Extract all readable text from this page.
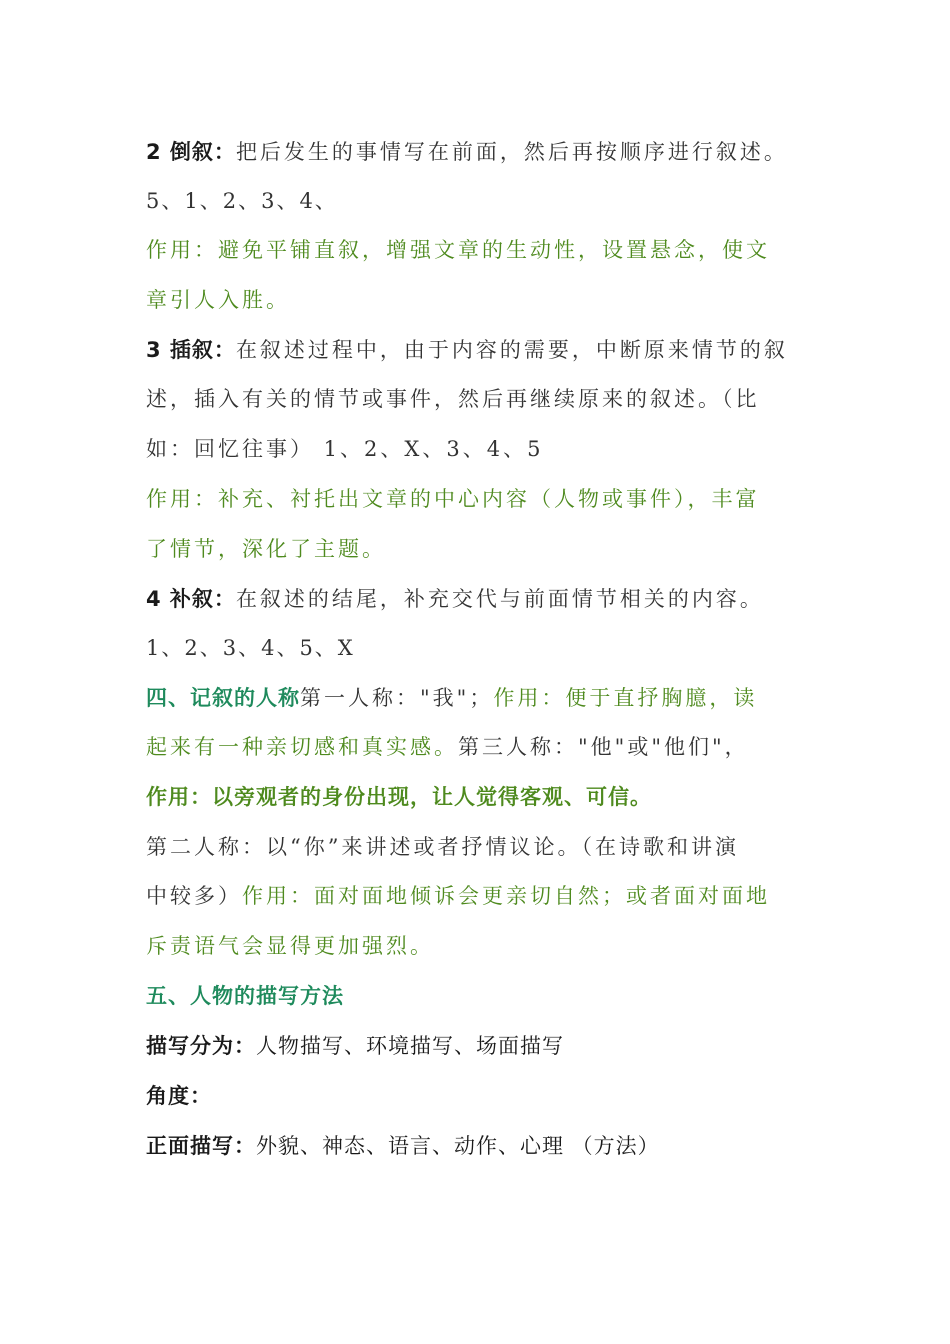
2 倒叙：把后发生的事情写在前面，然后再按顺序进行叙述。
5、1、2、3、4、
作用：避免平铺直叙，增强文章的生动性，设置悬念，使文
章引人入胜。
3 插叙：在叙述过程中，由于内容的需要，中断原来情节的叙
述，插入有关的情节或事件，然后再继续原来的叙述。（比
如：回忆往事） 1、2、X、3、4、5
作用：补充、衬托出文章的中心内容（人物或事件），丰富
了情节，深化了主题。
4 补叙：在叙述的结尾，补充交代与前面情节相关的内容。
1、2、3、4、5、X
四、记叙的人称第一人称："我"；作用：便于直抒胸臆，读
起来有一种亲切感和真实感。第三人称："他"或"他们"，
作用：以旁观者的身份出现，让人觉得客观、可信。
第二人称：以“你”来讲述或者抒情议论。（在诗歌和讲演
中较多）作用：面对面地倾诉会更亲切自然；或者面对面地
斥责语气会显得更加强烈。
五、人物的描写方法
描写分为：人物描写、环境描写、场面描写
角度：
正面描写：外貌、神态、语言、动作、心理 （方法）
